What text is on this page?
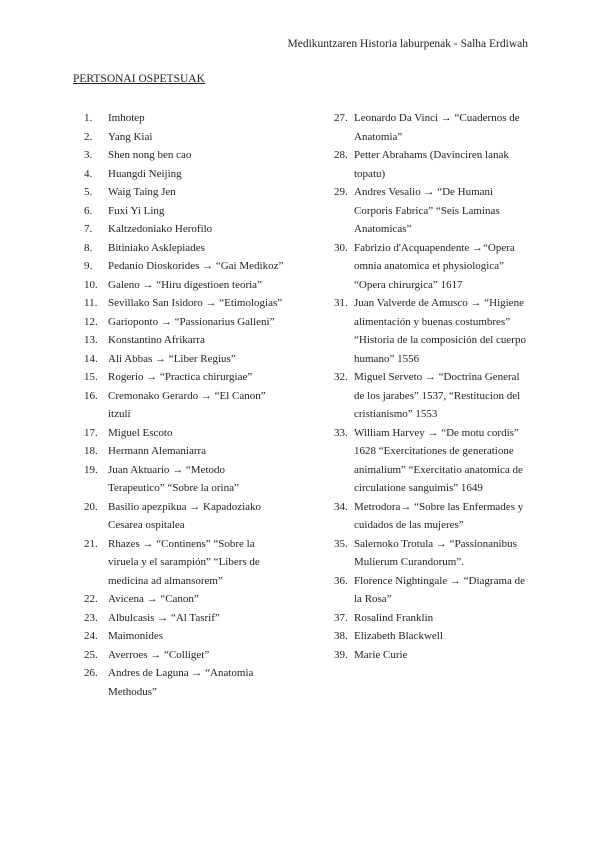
Medikuntzaren Historia laburpenak - Salha Erdiwah
PERTSONAI OSPETSUAK
1.	Imhotep
2.	Yang Kiai
3.	Shen nong ben cao
4.	Huangdi Neijing
5.	Waig Taing Jen
6.	Fuxi Yi Ling
7.	Kaltzedoniako Herofilo
8.	Bitiniako Asklepiades
9.	Pedanio Dioskorides → “Gai Medikoz”
10. Galeno → “Hiru digestioen teoria”
11. Sevillako San Isidoro → “Etimologias”
12. Garioponto → “Passionarius Galleni”
13. Konstantino Afrikarra
14. Ali Abbas → “Liber Regius”
15. Rogerio → “Practica chirurgiae”
16. Cremonako Gerardo → “El Canon” itzuli
17. Miguel Escoto
18. Hermann Alemaniarra
19. Juan Aktuario → “Metodo Terapeutico” “Sobre la orina”
20. Basilio apezpikua → Kapadoziako Cesarea ospitalea
21. Rhazes → “Continens” “Sobre la viruela y el sarampión” “Libers de medicina ad almansorem”
22. Avicena → “Canon”
23. Albulcasis → “Al Tasrif”
24. Maimonides
25. Averroes → “Colliget”
26. Andres de Laguna → “Anatomia Methodus”
27. Leonardo Da Vinci → “Cuadernos de Anatomia”
28. Petter Abrahams (Davinciren lanak topatu)
29. Andres Vesalio → “De Humani Corporis Fabrica” “Seis Laminas Anatomicas”
30. Fabrizio d'Acquapendente →“Opera omnia anatomica et physiologica” “Opera chirurgica” 1617
31. Juan Valverde de Amusco → “Higiene alimentación y buenas costumbres” “Historia de la composición del cuerpo humano” 1556
32. Miguel Serveto → “Doctrina General de los jarabes” 1537, “Restitucion del cristianismo” 1553
33. William Harvey → “De motu cordis” 1628 “Exercitationes de generatione animalium” “Exercitatio anatomica de circulatione sanguimis” 1649
34. Metrodora→ “Sobre las Enfermades y cuidados de las mujeres”
35. Salernoko Trotula → “Passionanibus Mulierum Curandorum”.
36. Florence Nightingale → “Diagrama de la Rosa”
37. Rosalind Franklin
38. Elizabeth Blackwell
39. Marie Curie
